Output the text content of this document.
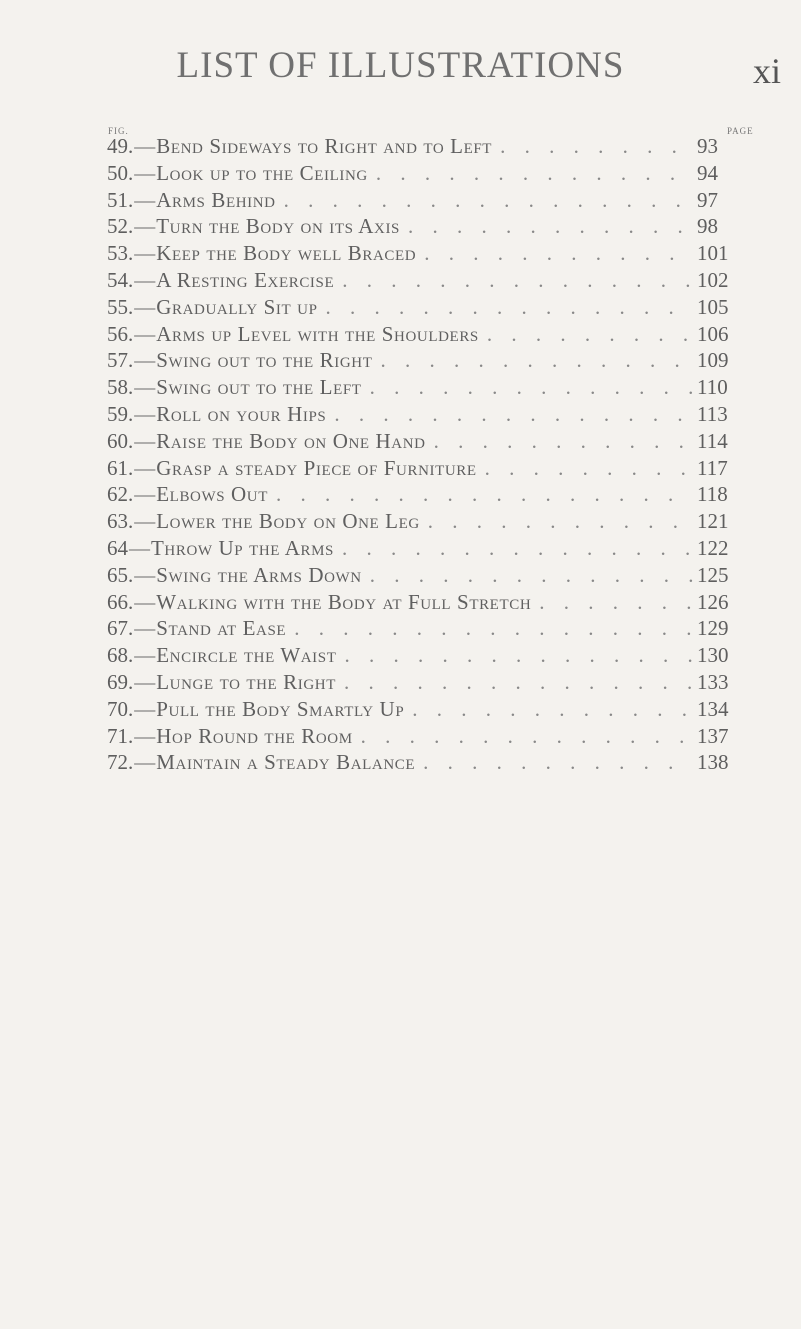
LIST OF ILLUSTRATIONS	xi
FIG.	PAGE
49. — Bend Sideways to Right and to Left . . .	93
50. — Look up to the Ceiling . . .	94
51. — Arms Behind . . .	97
52. — Turn the Body on its Axis . . .	98
53. — Keep the Body well Braced . . .	101
54. — A Resting Exercise . . .	102
55. — Gradually Sit up . . .	105
56. — Arms up Level with the Shoulders . . .	106
57. — Swing out to the Right . . .	109
58. — Swing out to the Left . . .	110
59. — Roll on your Hips . . .	113
60. — Raise the Body on One Hand . . .	114
61. — Grasp a steady Piece of Furniture . . .	117
62. — Elbows Out . . .	118
63. — Lower the Body on One Leg . . .	121
64 — Throw Up the Arms . . .	122
65. — Swing the Arms Down . . .	125
66. — Walking with the Body at Full Stretch . . .	126
67. — Stand at Ease . . .	129
68. — Encircle the Waist . . .	130
69. — Lunge to the Right . . .	133
70. — Pull the Body Smartly Up . . .	134
71. — Hop Round the Room . . .	137
72. — Maintain a Steady Balance . . .	138
